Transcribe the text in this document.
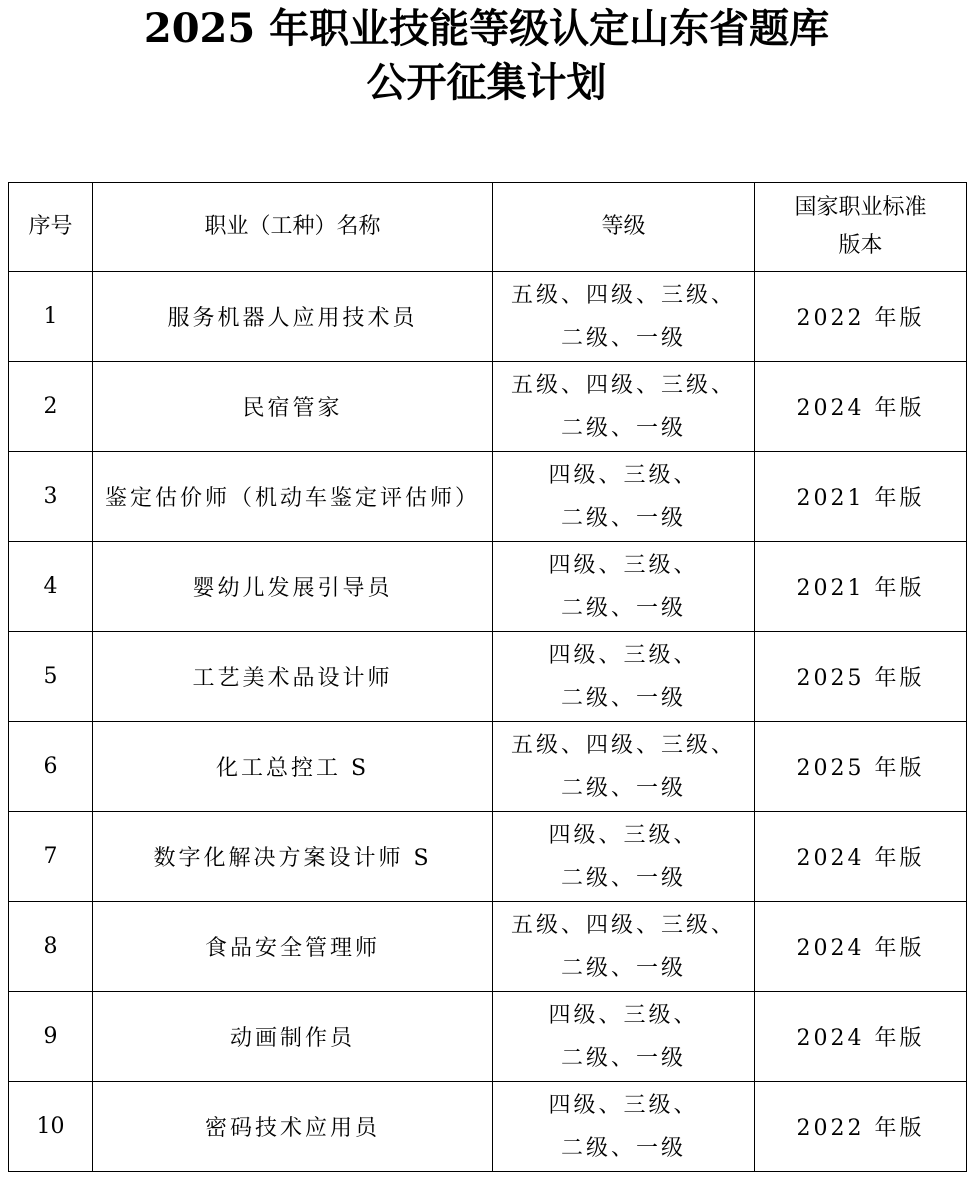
2025 年职业技能等级认定山东省题库
公开征集计划
序号	职业（工种）名称	等级	国家职业标准
版本

1	服务机器人应用技术员	五级、四级、三级、
二级、一级	2022 年版
2	民宿管家	五级、四级、三级、
二级、一级	2024 年版
3	鉴定估价师（机动车鉴定评估师）	四级、三级、
二级、一级	2021 年版
4	婴幼儿发展引导员	四级、三级、
二级、一级	2021 年版
5	工艺美术品设计师	四级、三级、
二级、一级	2025 年版
6	化工总控工 S	五级、四级、三级、
二级、一级	2025 年版
7	数字化解决方案设计师 S	四级、三级、
二级、一级	2024 年版
8	食品安全管理师	五级、四级、三级、
二级、一级	2024 年版
9	动画制作员	四级、三级、
二级、一级	2024 年版
10	密码技术应用员	四级、三级、
二级、一级	2022 年版
